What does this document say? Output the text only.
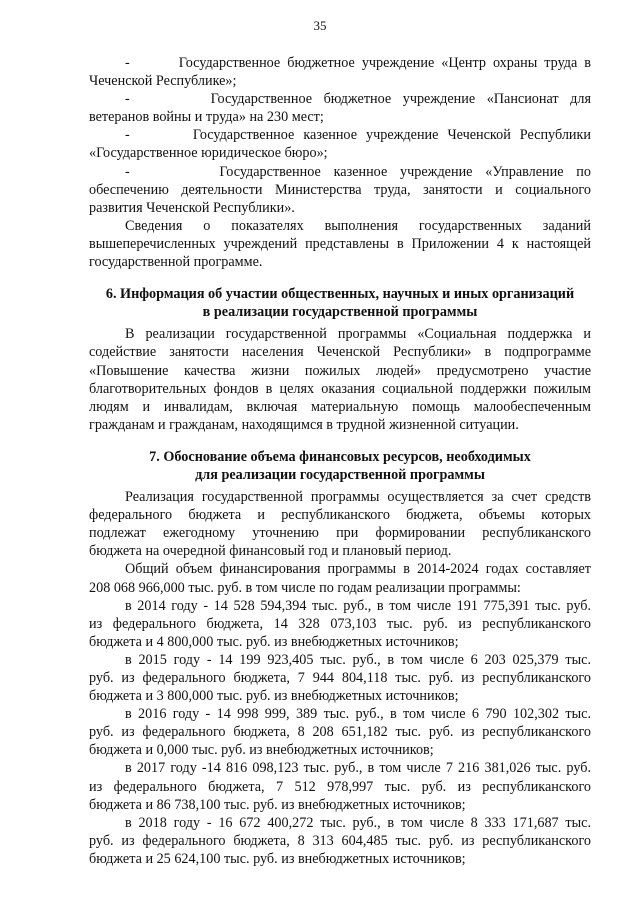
35
-       Государственное бюджетное учреждение «Центр охраны труда в
Чеченской Республике»;
-       Государственное бюджетное учреждение «Пансионат для
ветеранов войны и труда» на 230 мест;
-       Государственное казенное учреждение Чеченской Республики
«Государственное юридическое бюро»;
-       Государственное казенное учреждение «Управление по
обеспечению деятельности Министерства труда, занятости и социального
развития Чеченской Республики».
Сведения о показателях выполнения государственных заданий
вышеперечисленных учреждений представлены в Приложении 4 к настоящей
государственной программе.
6. Информация об участии общественных, научных и иных организаций
в реализации государственной программы
В реализации государственной программы «Социальная поддержка и
содействие занятости населения Чеченской Республики» в подпрограмме
«Повышение качества жизни пожилых людей» предусмотрено участие
благотворительных фондов в целях оказания социальной поддержки пожилым
людям и инвалидам, включая материальную помощь малообеспеченным
гражданам и гражданам, находящимся в трудной жизненной ситуации.
7. Обоснование объема финансовых ресурсов, необходимых
для реализации государственной программы
Реализация государственной программы осуществляется за счет средств
федерального бюджета и республиканского бюджета, объемы которых
подлежат ежегодному уточнению при формировании республиканского
бюджета на очередной финансовый год и плановый период.
Общий объем финансирования программы в 2014-2024 годах составляет
208 068 966,000 тыс. руб. в том числе по годам реализации программы:
в 2014 году - 14 528 594,394 тыс. руб., в том числе 191 775,391 тыс. руб.
из федерального бюджета, 14 328 073,103 тыс. руб. из республиканского
бюджета и 4 800,000 тыс. руб. из внебюджетных источников;
в 2015 году - 14 199 923,405 тыс. руб., в том числе 6 203 025,379 тыс.
руб. из федерального бюджета, 7 944 804,118 тыс. руб. из республиканского
бюджета и 3 800,000 тыс. руб. из внебюджетных источников;
в 2016 году - 14 998 999, 389 тыс. руб., в том числе 6 790 102,302 тыс.
руб. из федерального бюджета, 8 208 651,182 тыс. руб. из республиканского
бюджета и 0,000 тыс. руб. из внебюджетных источников;
в 2017 году -14 816 098,123 тыс. руб., в том числе 7 216 381,026 тыс. руб.
из федерального бюджета, 7 512 978,997 тыс. руб. из республиканского
бюджета и 86 738,100 тыс. руб. из внебюджетных источников;
в 2018 году - 16 672 400,272 тыс. руб., в том числе 8 333 171,687 тыс.
руб. из федерального бюджета, 8 313 604,485 тыс. руб. из республиканского
бюджета и 25 624,100 тыс. руб. из внебюджетных источников;
